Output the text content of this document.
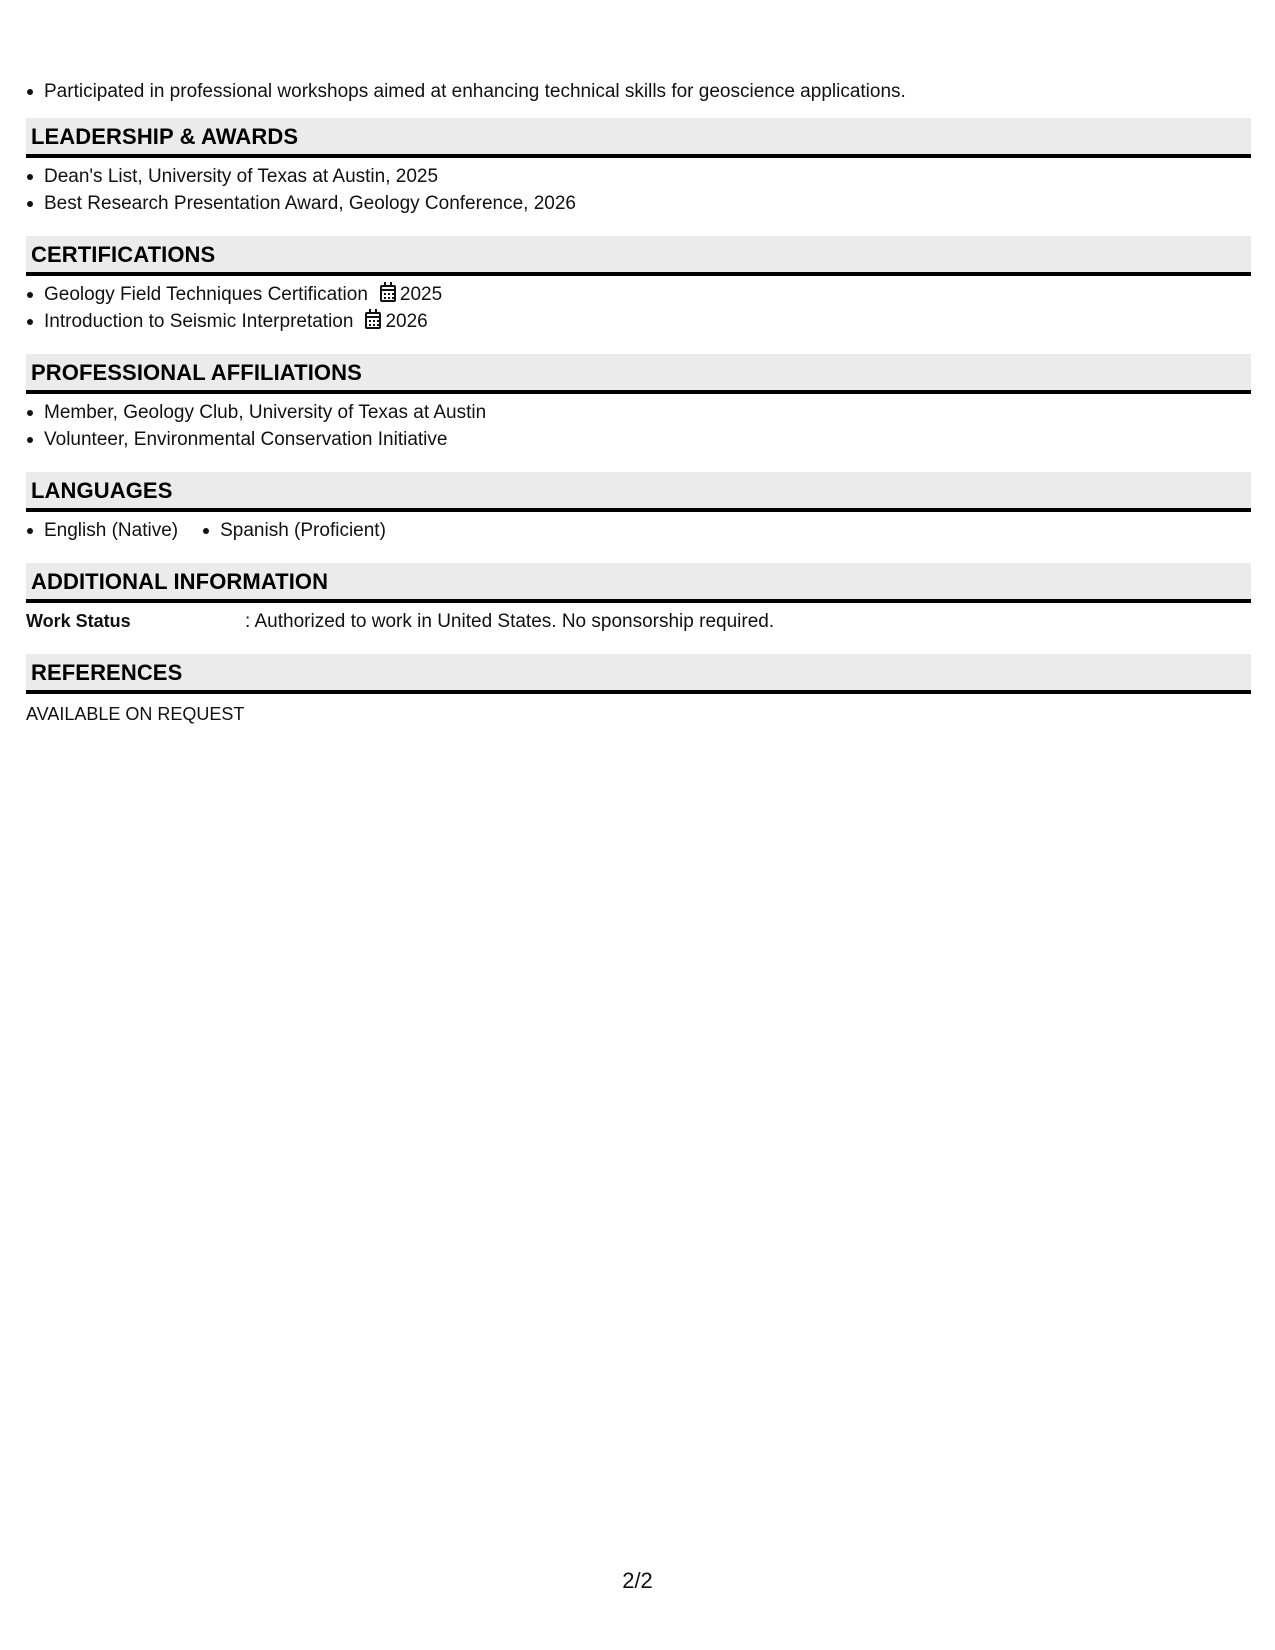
Participated in professional workshops aimed at enhancing technical skills for geoscience applications.
LEADERSHIP & AWARDS
Dean's List, University of Texas at Austin, 2025
Best Research Presentation Award, Geology Conference, 2026
CERTIFICATIONS
Geology Field Techniques Certification 2025
Introduction to Seismic Interpretation 2026
PROFESSIONAL AFFILIATIONS
Member, Geology Club, University of Texas at Austin
Volunteer, Environmental Conservation Initiative
LANGUAGES
English (Native) Spanish (Proficient)
ADDITIONAL INFORMATION
Work Status	: Authorized to work in United States. No sponsorship required.
REFERENCES
AVAILABLE ON REQUEST
2/2
